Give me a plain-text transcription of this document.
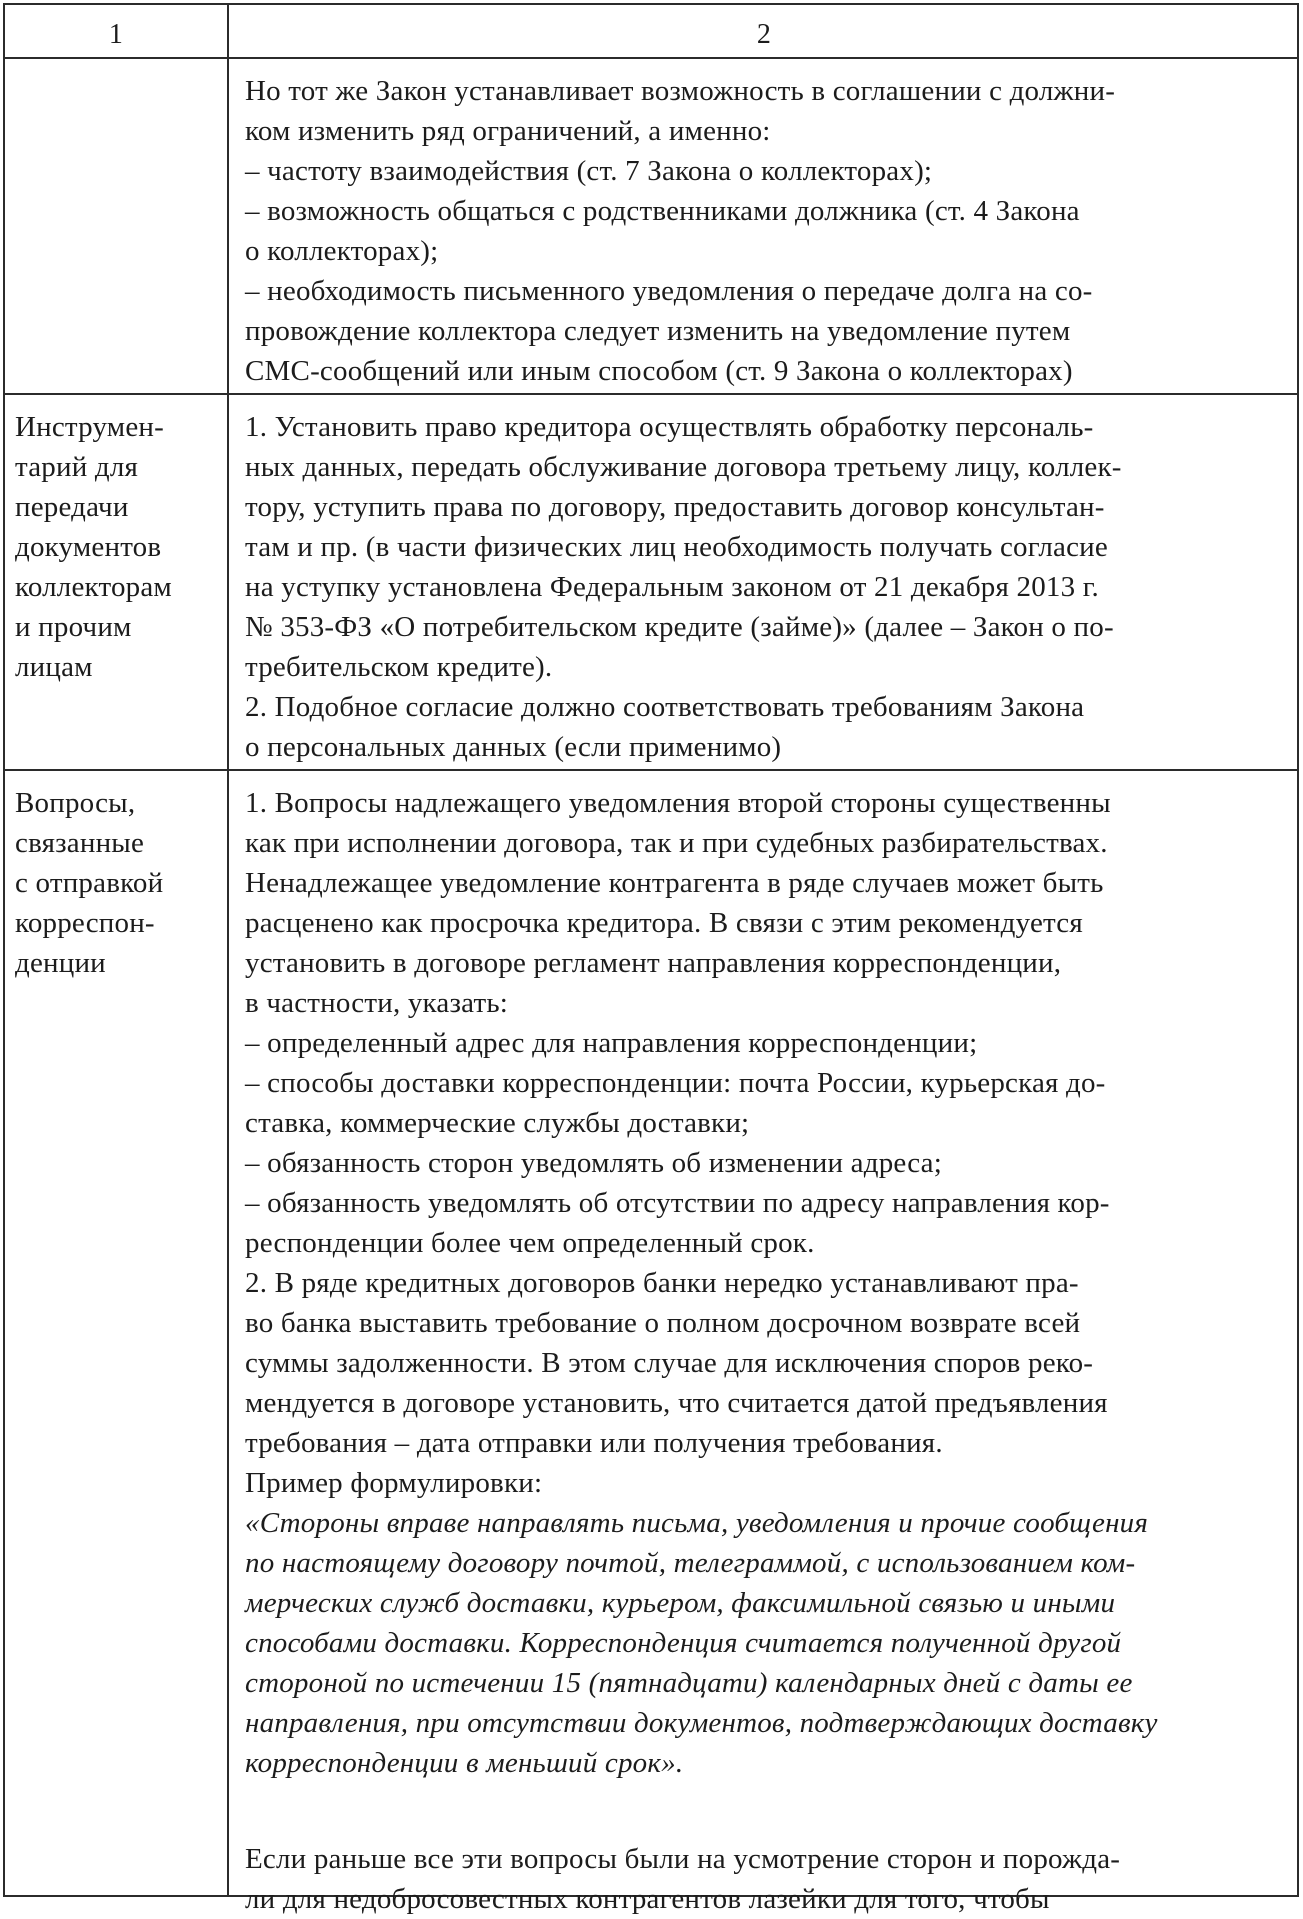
1	2
Но тот же Закон устанавливает возможность в соглашении с должни-
ком изменить ряд ограничений, а именно:
– частоту взаимодействия (ст. 7 Закона о коллекторах);
– возможность общаться с родственниками должника (ст. 4 Закона
о коллекторах);
– необходимость письменного уведомления о передаче долга на со-
провождение коллектора следует изменить на уведомление путем
СМС-сообщений или иным способом (ст. 9 Закона о коллекторах)
Инструмен-
тарий для
передачи
документов
коллекторам
и прочим
лицам
1. Установить право кредитора осуществлять обработку персональ-
ных данных, передать обслуживание договора третьему лицу, коллек-
тору, уступить права по договору, предоставить договор консультан-
там и пр. (в части физических лиц необходимость получать согласие
на уступку установлена Федеральным законом от 21 декабря 2013 г.
№ 353-ФЗ «О потребительском кредите (займе)» (далее – Закон о по-
требительском кредите).
2. Подобное согласие должно соответствовать требованиям Закона
о персональных данных (если применимо)
Вопросы,
связанные
с отправкой
корреспон-
денции
1. Вопросы надлежащего уведомления второй стороны существенны
как при исполнении договора, так и при судебных разбирательствах.
Ненадлежащее уведомление контрагента в ряде случаев может быть
расценено как просрочка кредитора. В связи с этим рекомендуется
установить в договоре регламент направления корреспонденции,
в частности, указать:
– определенный адрес для направления корреспонденции;
– способы доставки корреспонденции: почта России, курьерская до-
ставка, коммерческие службы доставки;
– обязанность сторон уведомлять об изменении адреса;
– обязанность уведомлять об отсутствии по адресу направления кор-
респонденции более чем определенный срок.
2. В ряде кредитных договоров банки нередко устанавливают пра-
во банка выставить требование о полном досрочном возврате всей
суммы задолженности. В этом случае для исключения споров реко-
мендуется в договоре установить, что считается датой предъявления
требования – дата отправки или получения требования.
Пример формулировки:
«Стороны вправе направлять письма, уведомления и прочие сообщения
по настоящему договору почтой, телеграммой, с использованием ком-
мерческих служб доставки, курьером, факсимильной связью и иными
способами доставки. Корреспонденция считается полученной другой
стороной по истечении 15 (пятнадцати) календарных дней с даты ее
направления, при отсутствии документов, подтверждающих доставку
корреспонденции в меньший срок».
Если раньше все эти вопросы были на усмотрение сторон и порожда-
ли для недобросовестных контрагентов лазейки для того, чтобы
